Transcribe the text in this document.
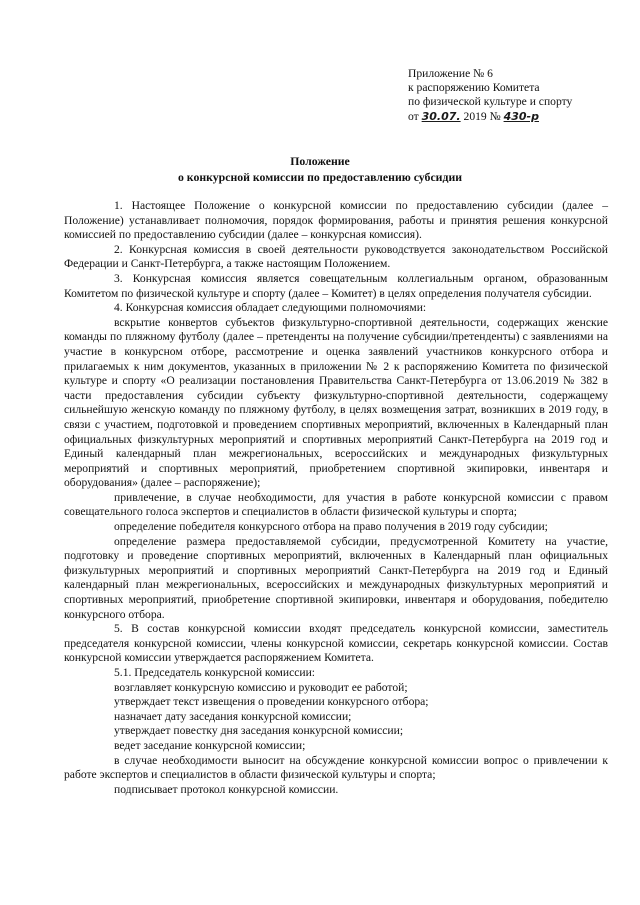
Приложение № 6
к распоряжению Комитета
по физической культуре и спорту
от 30.07. 2019 № 430-р
Положение
о конкурсной комиссии по предоставлению субсидии

1. Настоящее Положение о конкурсной комиссии по предоставлению субсидии (далее – Положение) устанавливает полномочия, порядок формирования, работы и принятия решения конкурсной комиссией по предоставлению субсидии (далее – конкурсная комиссия).

2. Конкурсная комиссия в своей деятельности руководствуется законодательством Российской Федерации и Санкт-Петербурга, а также настоящим Положением.

3. Конкурсная комиссия является совещательным коллегиальным органом, образованным Комитетом по физической культуре и спорту (далее – Комитет) в целях определения получателя субсидии.

4. Конкурсная комиссия обладает следующими полномочиями:

вскрытие конвертов субъектов физкультурно-спортивной деятельности, содержащих женские команды по пляжному футболу (далее – претенденты на получение субсидии/претенденты) с заявлениями на участие в конкурсном отборе, рассмотрение и оценка заявлений участников конкурсного отбора и прилагаемых к ним документов, указанных в приложении № 2 к распоряжению Комитета по физической культуре и спорту «О реализации постановления Правительства Санкт-Петербурга от 13.06.2019 № 382 в части предоставления субсидии субъекту физкультурно-спортивной деятельности, содержащему сильнейшую женскую команду по пляжному футболу, в целях возмещения затрат, возникших в 2019 году, в связи с участием, подготовкой и проведением спортивных мероприятий, включенных в Календарный план официальных физкультурных мероприятий и спортивных мероприятий Санкт-Петербурга на 2019 год и Единый календарный план межрегиональных, всероссийских и международных физкультурных мероприятий и спортивных мероприятий, приобретением спортивной экипировки, инвентаря и оборудования» (далее – распоряжение);

привлечение, в случае необходимости, для участия в работе конкурсной комиссии с правом совещательного голоса экспертов и специалистов в области физической культуры и спорта;

определение победителя конкурсного отбора на право получения в 2019 году субсидии;

определение размера предоставляемой субсидии, предусмотренной Комитету на участие, подготовку и проведение спортивных мероприятий, включенных в Календарный план официальных физкультурных мероприятий и спортивных мероприятий Санкт-Петербурга на 2019 год и Единый календарный план межрегиональных, всероссийских и международных физкультурных мероприятий и спортивных мероприятий, приобретение спортивной экипировки, инвентаря и оборудования, победителю конкурсного отбора.

5. В состав конкурсной комиссии входят председатель конкурсной комиссии, заместитель председателя конкурсной комиссии, члены конкурсной комиссии, секретарь конкурсной комиссии. Состав конкурсной комиссии утверждается распоряжением Комитета.

5.1. Председатель конкурсной комиссии:

возглавляет конкурсную комиссию и руководит ее работой;

утверждает текст извещения о проведении конкурсного отбора;

назначает дату заседания конкурсной комиссии;

утверждает повестку дня заседания конкурсной комиссии;

ведет заседание конкурсной комиссии;

в случае необходимости выносит на обсуждение конкурсной комиссии вопрос о привлечении к работе экспертов и специалистов в области физической культуры и спорта;

подписывает протокол конкурсной комиссии.
